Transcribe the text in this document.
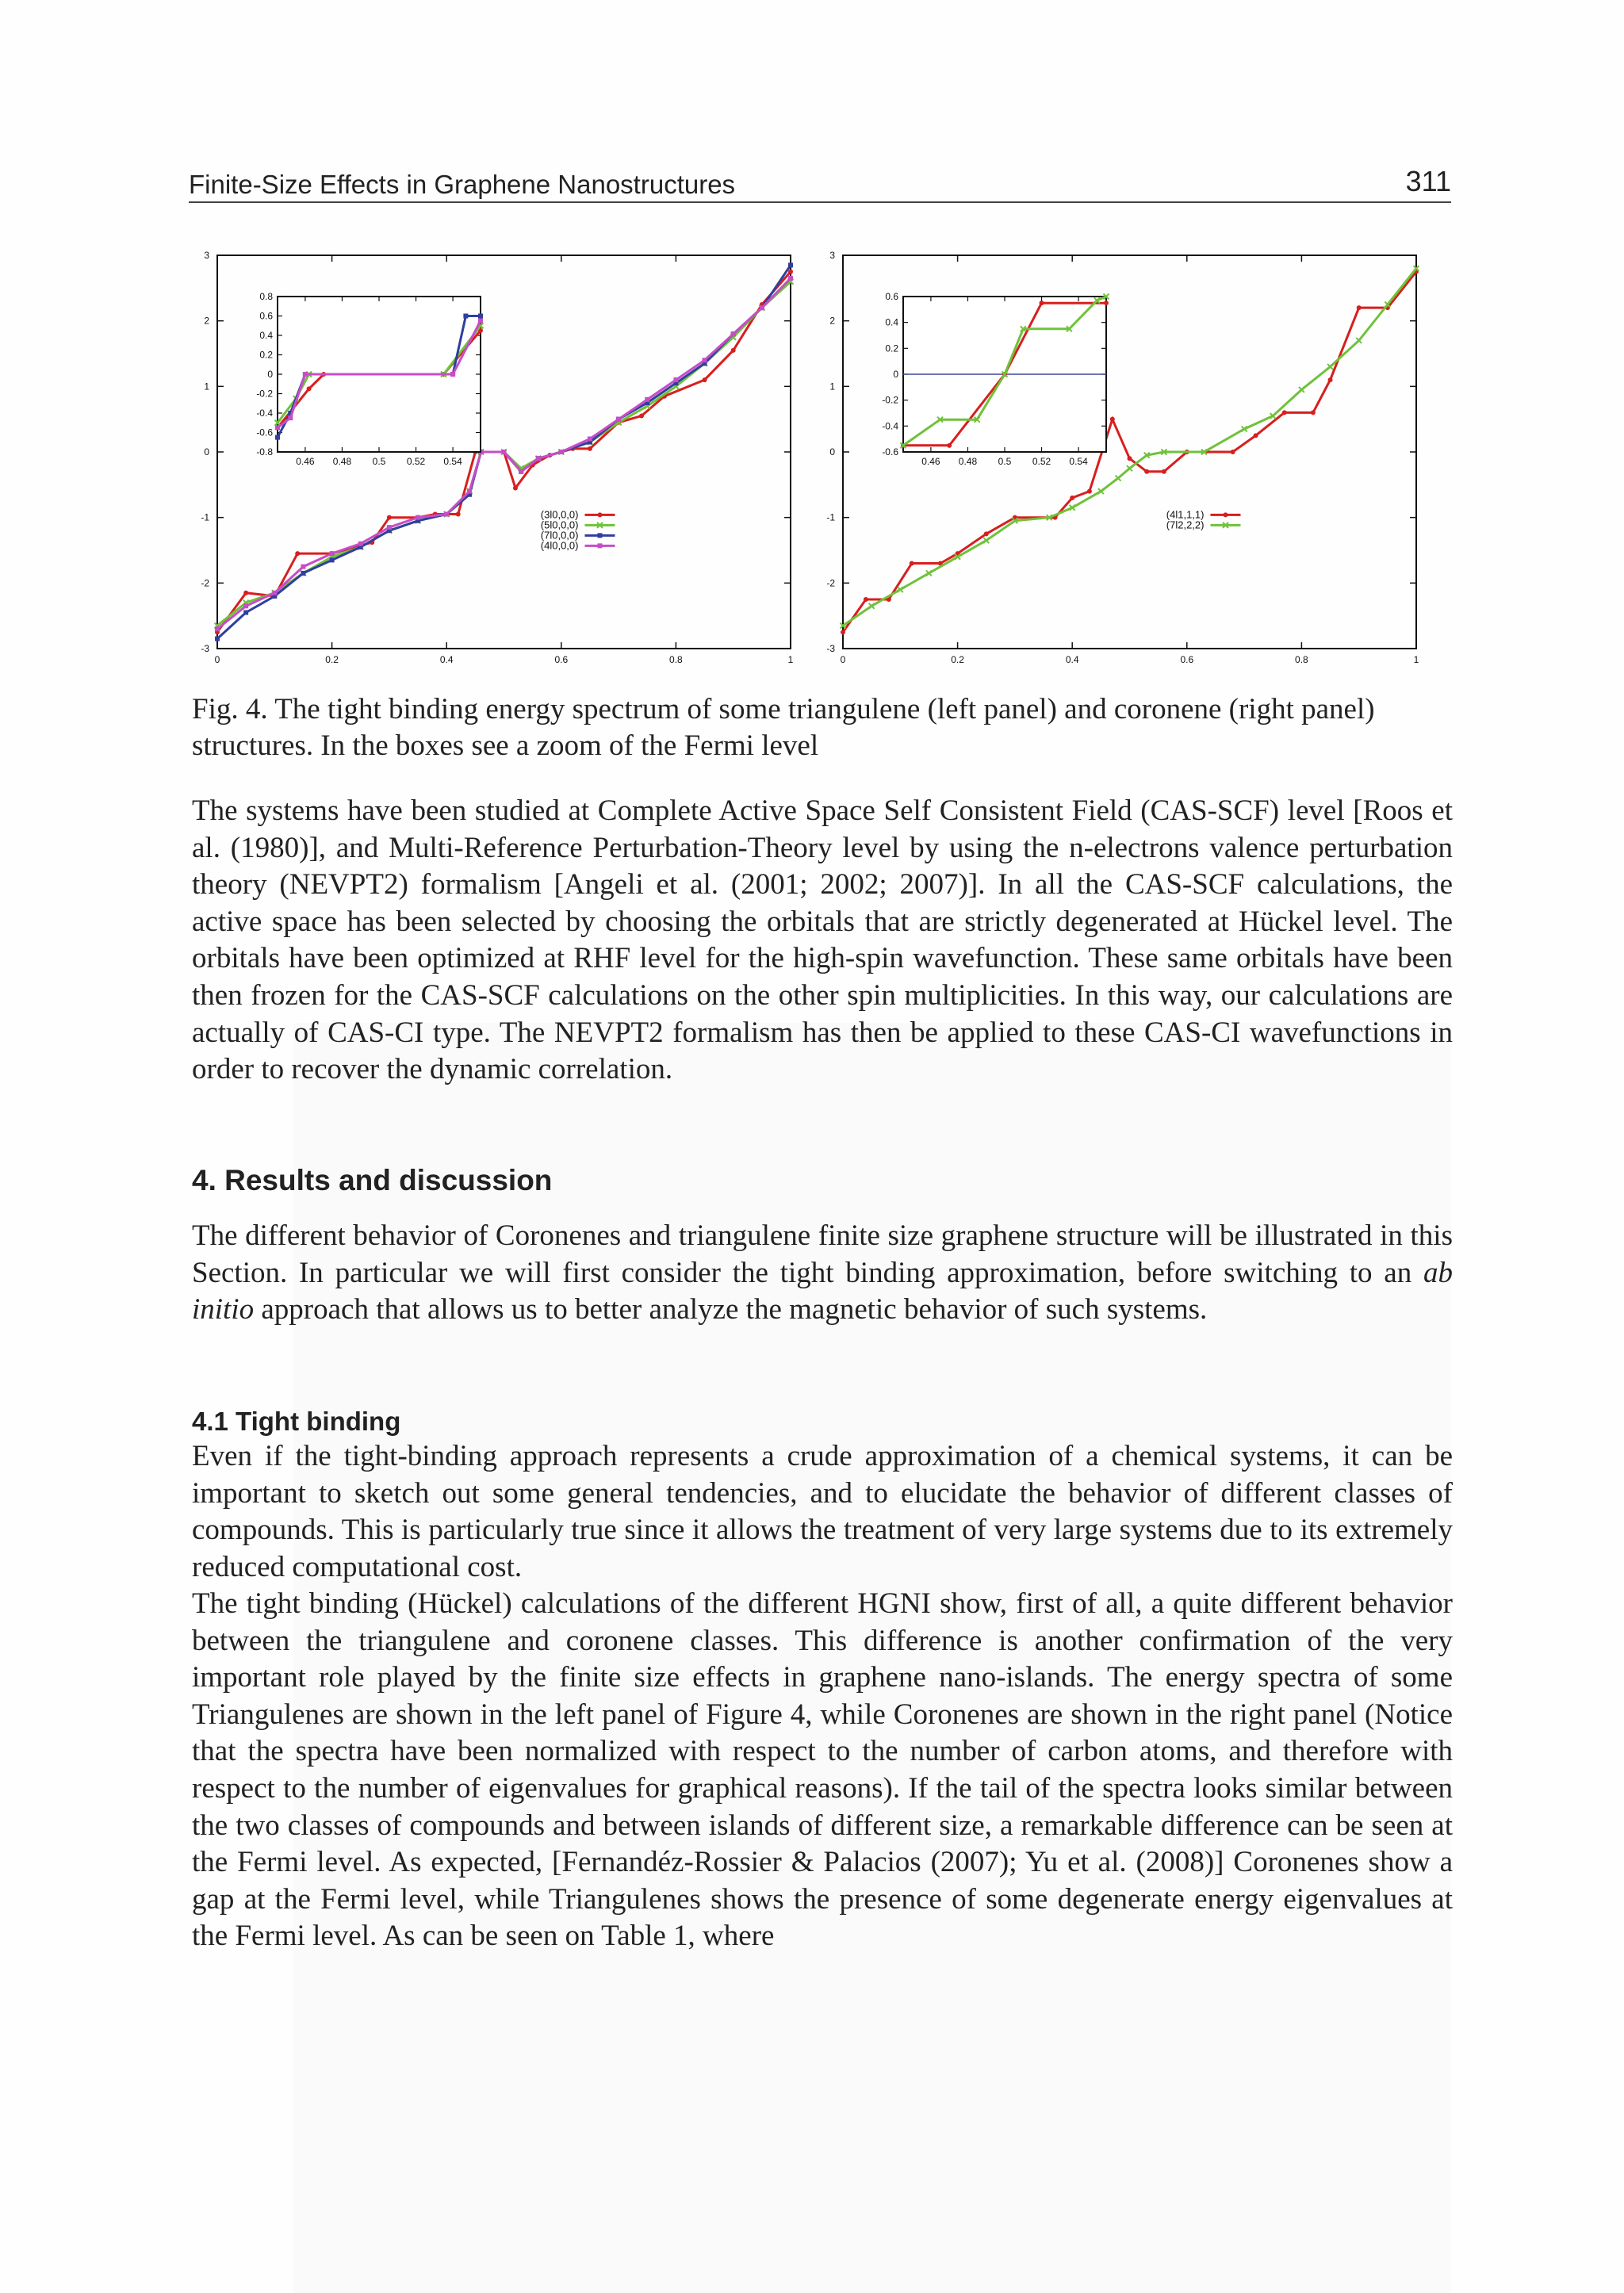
Finite-Size Effects in Graphene Nanostructures	311
0	0.2	0.4	0.6	0.8	1
-3
-2
-1
0
1
2
3
(3l0,0,0)
(5l0,0,0)
(7l0,0,0)
(4l0,0,0)
0.46 0.48 0.5 0.52 0.54
-0.8
-0.6
-0.4
-0.2
0
0.2
0.4
0.6
0.8
0	0.2	0.4	0.6	0.8	1
-3
-2
-1
0
1
2
3
(4l1,1,1)
(7l2,2,2)
0.46 0.48 0.5 0.52 0.54
-0.6
-0.4
-0.2
0
0.2
0.4
0.6
Fig. 4. The tight binding energy spectrum of some triangulene (left panel) and coronene (right panel) structures. In the boxes see a zoom of the Fermi level
The systems have been studied at Complete Active Space Self Consistent Field (CAS-SCF) level [Roos et al. (1980)], and Multi-Reference Perturbation-Theory level by using the n-electrons valence perturbation theory (NEVPT2) formalism [Angeli et al. (2001; 2002; 2007)]. In all the CAS-SCF calculations, the active space has been selected by choosing the orbitals that are strictly degenerated at Hückel level. The orbitals have been optimized at RHF level for the high-spin wavefunction. These same orbitals have been then frozen for the CAS-SCF calculations on the other spin multiplicities. In this way, our calculations are actually of CAS-CI type. The NEVPT2 formalism has then be applied to these CAS-CI wavefunctions in order to recover the dynamic correlation.
4. Results and discussion
The different behavior of Coronenes and triangulene finite size graphene structure will be illustrated in this Section. In particular we will first consider the tight binding approximation, before switching to an ab initio approach that allows us to better analyze the magnetic behavior of such systems.
4.1 Tight binding
Even if the tight-binding approach represents a crude approximation of a chemical systems, it can be important to sketch out some general tendencies, and to elucidate the behavior of different classes of compounds. This is particularly true since it allows the treatment of very large systems due to its extremely reduced computational cost.
The tight binding (Hückel) calculations of the different HGNI show, first of all, a quite different behavior between the triangulene and coronene classes. This difference is another confirmation of the very important role played by the finite size effects in graphene nano-islands. The energy spectra of some Triangulenes are shown in the left panel of Figure 4, while Coronenes are shown in the right panel (Notice that the spectra have been normalized with respect to the number of carbon atoms, and therefore with respect to the number of eigenvalues for graphical reasons). If the tail of the spectra looks similar between the two classes of compounds and between islands of different size, a remarkable difference can be seen at the Fermi level. As expected, [Fernandéz-Rossier & Palacios (2007); Yu et al. (2008)] Coronenes show a gap at the Fermi level, while Triangulenes shows the presence of some degenerate energy eigenvalues at the Fermi level. As can be seen on Table 1, where
